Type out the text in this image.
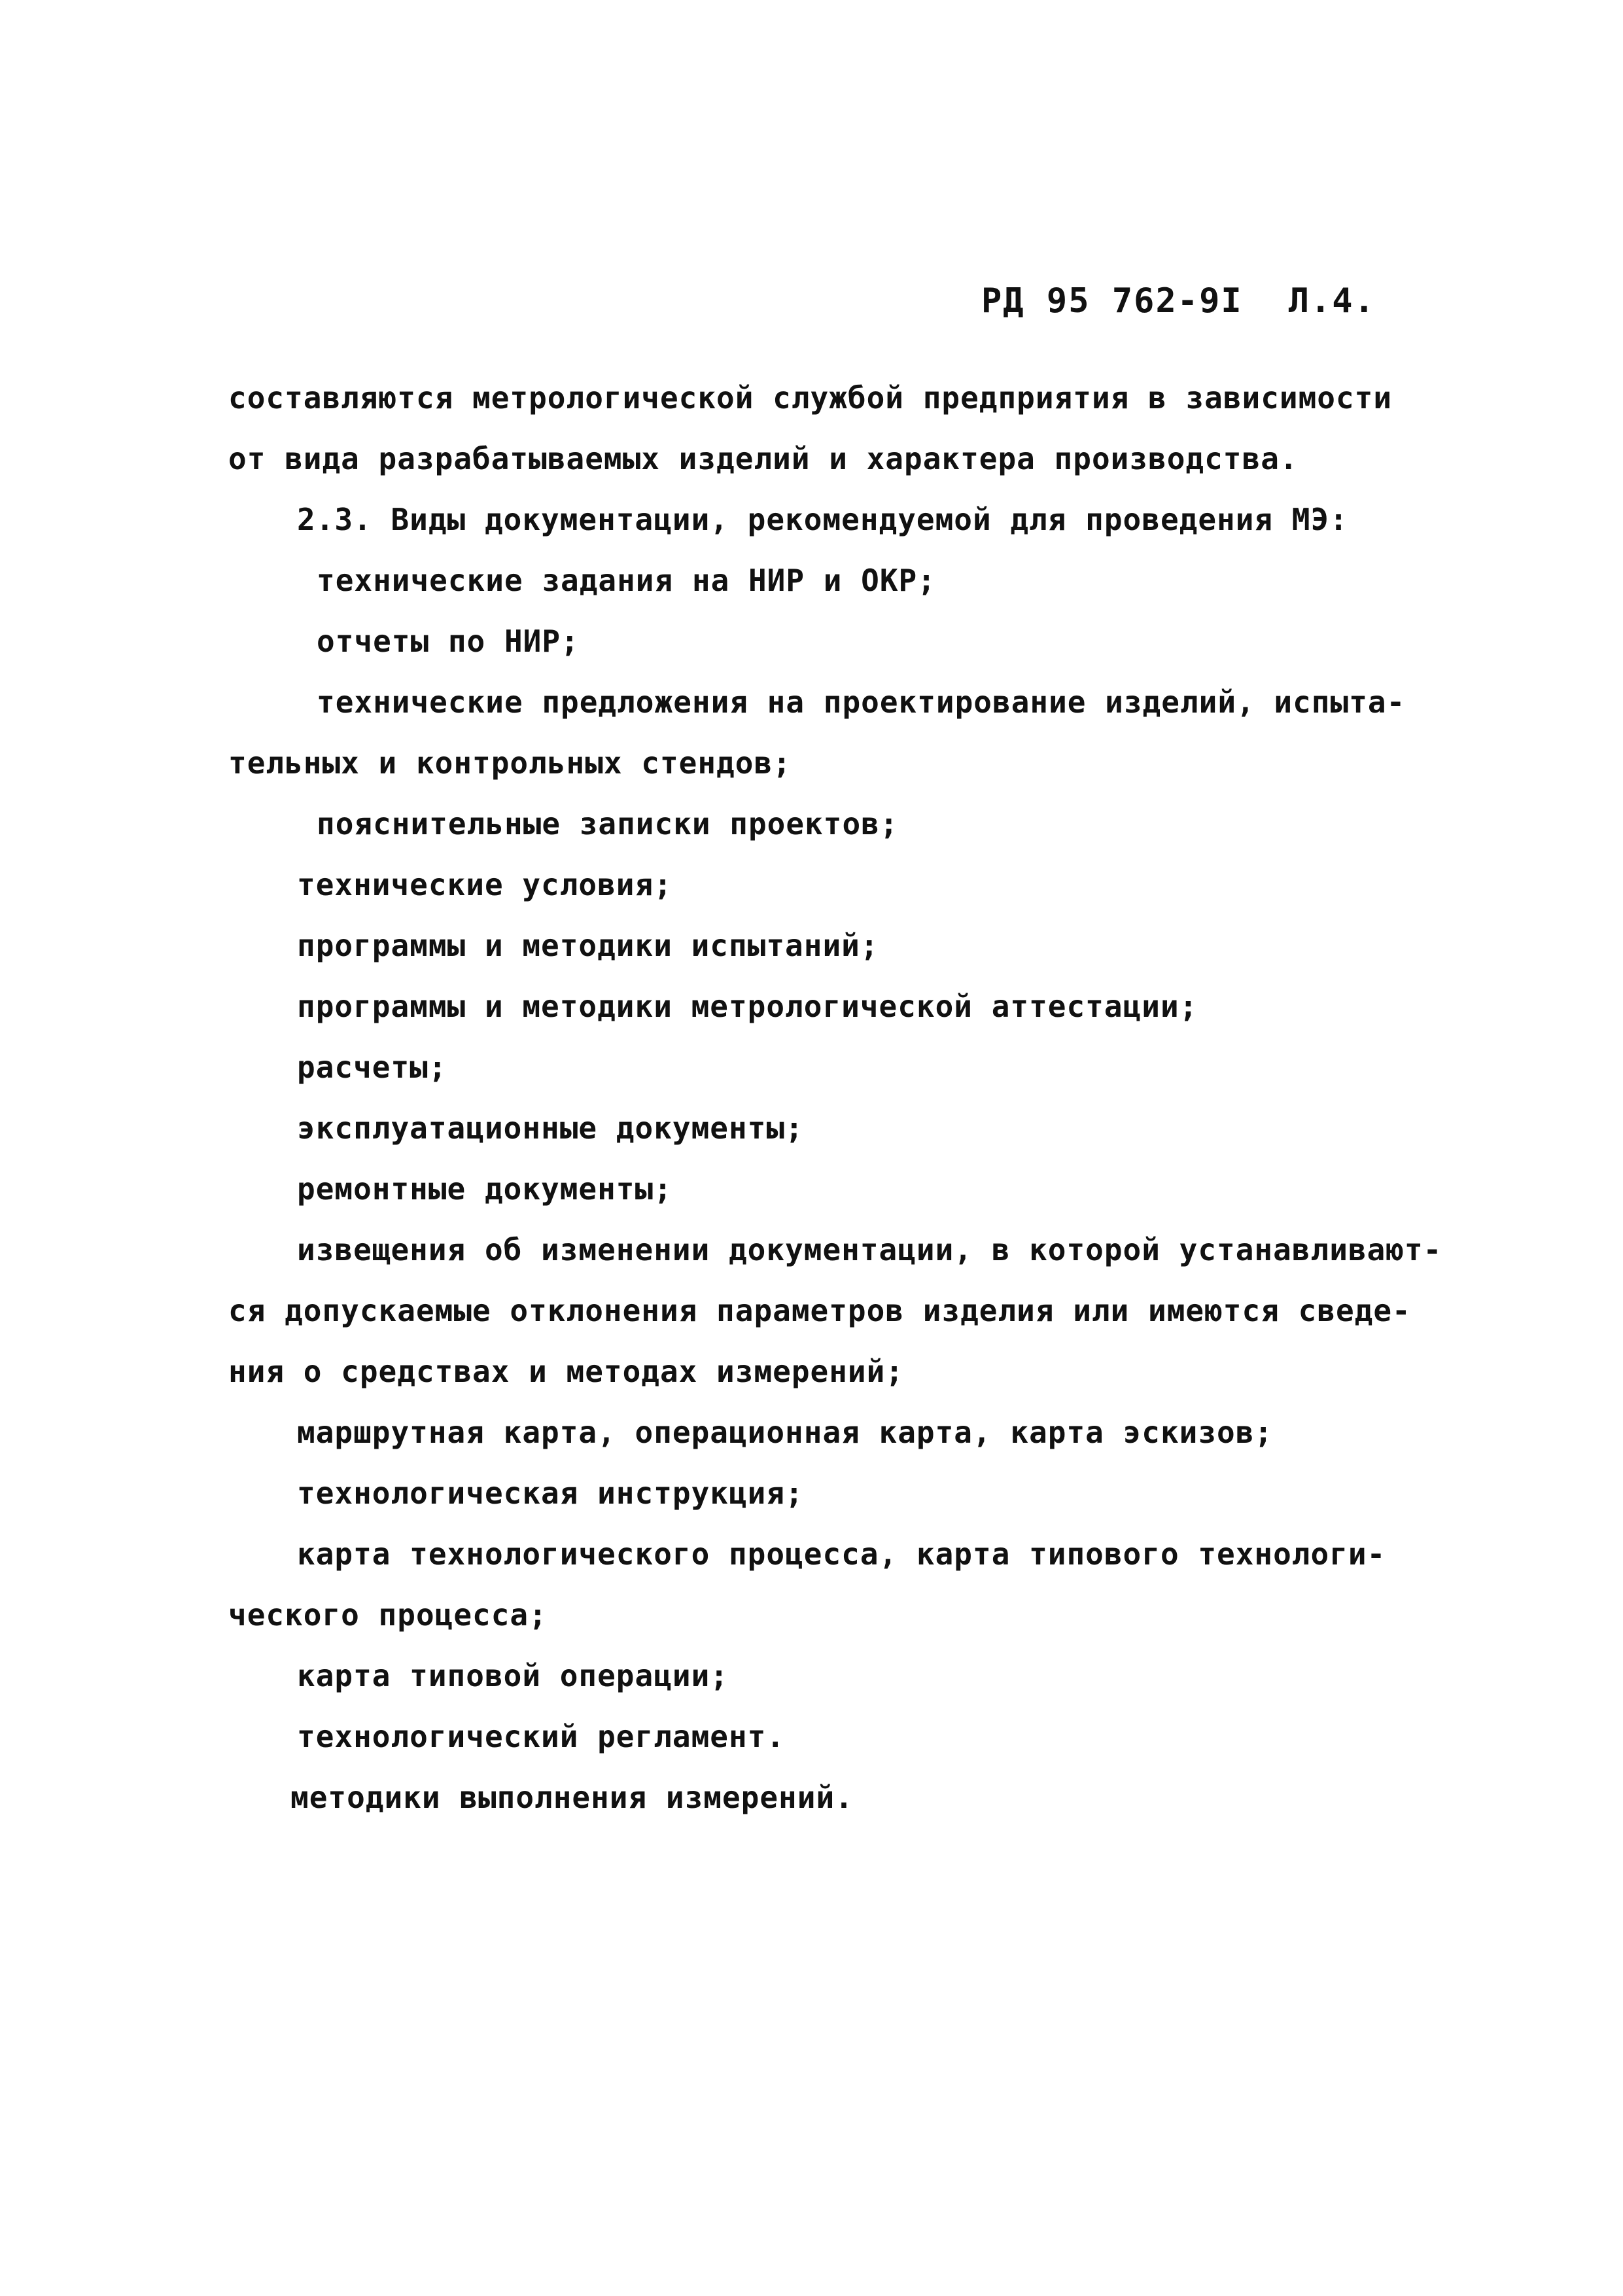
РД 95 762-9I Л.4.
составляются метрологической службой предприятия в зависимости
от вида разрабатываемых изделий и характера производства.
2.3. Виды документации, рекомендуемой для проведения МЭ:
технические задания на НИР и ОКР;
отчеты по НИР;
технические предложения на проектирование изделий, испыта-
тельных и контрольных стендов;
пояснительные записки проектов;
технические условия;
программы и методики испытаний;
программы и методики метрологической аттестации;
расчеты;
эксплуатационные документы;
ремонтные документы;
извещения об изменении документации, в которой устанавливают-
ся допускаемые отклонения параметров изделия или имеются сведе-
ния о средствах и методах измерений;
маршрутная карта, операционная карта, карта эскизов;
технологическая инструкция;
карта технологического процесса, карта типового технологи-
ческого процесса;
карта типовой операции;
технологический регламент.
методики выполнения измерений.
